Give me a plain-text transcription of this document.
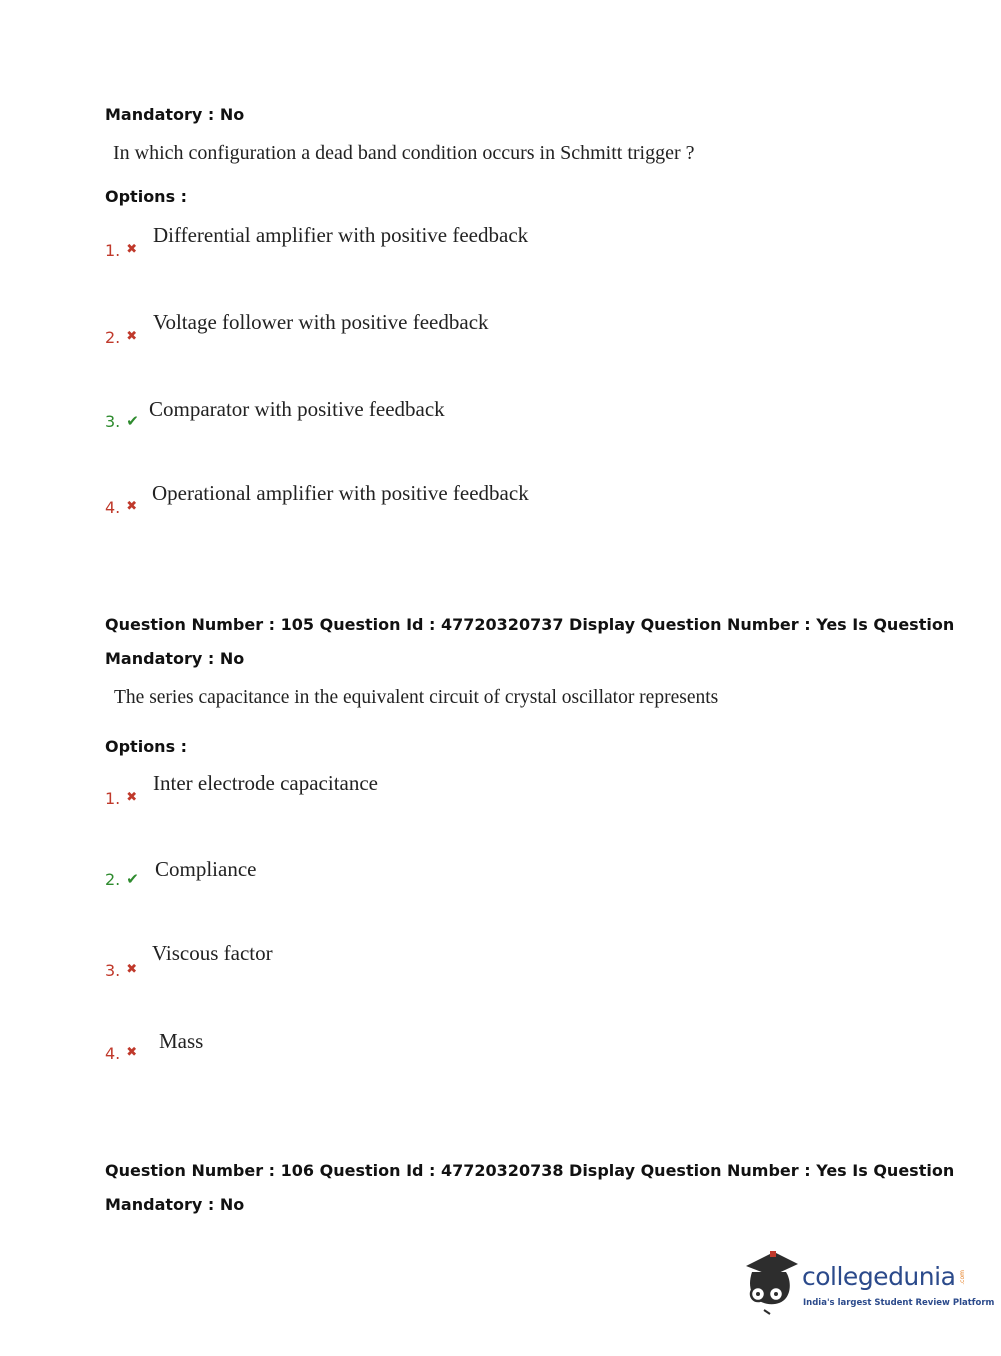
Mandatory : No
In which configuration a dead band condition occurs in Schmitt trigger ?
Options :
1. ✖
Differential amplifier with positive feedback
2. ✖
Voltage follower with positive feedback
3. ✔ Comparator with positive feedback
4. ✖
Operational amplifier with positive feedback
Question Number : 105 Question Id : 47720320737 Display Question Number : Yes Is Question
Mandatory : No
The series capacitance in the equivalent circuit of crystal oscillator represents
Options :
1. ✖
Inter electrode capacitance
2. ✔ Compliance
3. ✖
Viscous factor
4. ✖ Mass
Question Number : 106 Question Id : 47720320738 Display Question Number : Yes Is Question
Mandatory : No
collegedunia .com
India's largest Student Review Platform
